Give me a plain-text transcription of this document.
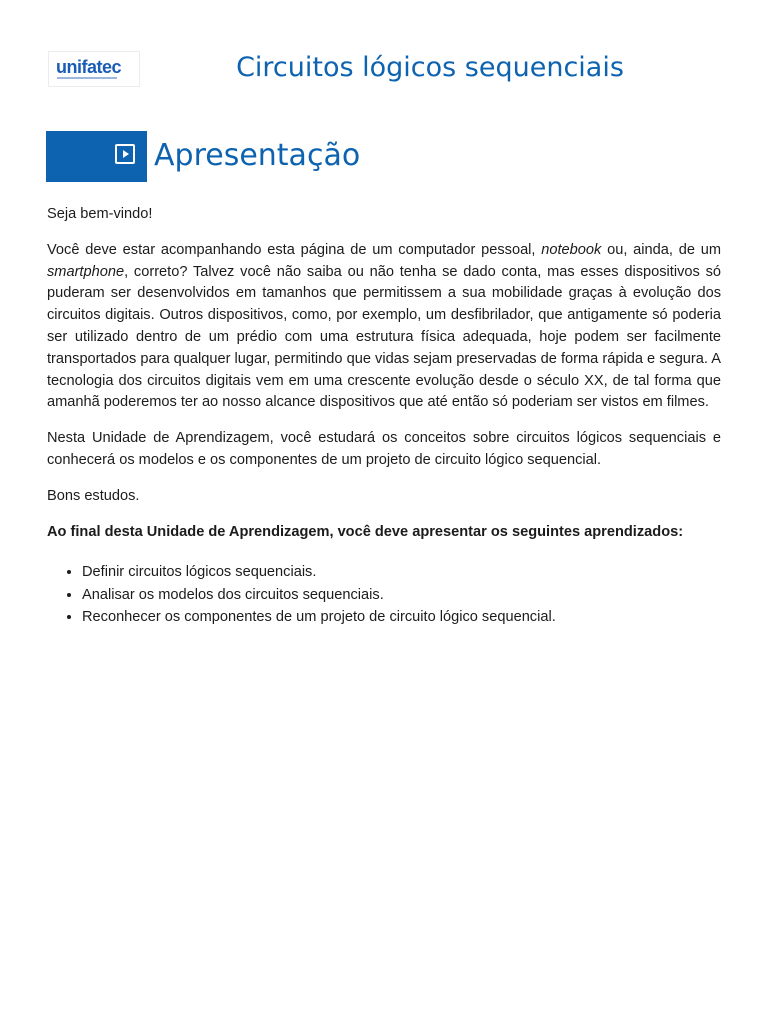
unifatec	Circuitos lógicos sequenciais
Apresentação

Seja bem-vindo!

Você deve estar acompanhando esta página de um computador pessoal, notebook ou, ainda, de um smartphone, correto? Talvez você não saiba ou não tenha se dado conta, mas esses dispositivos só puderam ser desenvolvidos em tamanhos que permitissem a sua mobilidade graças à evolução dos circuitos digitais. Outros dispositivos, como, por exemplo, um desfibrilador, que antigamente só poderia ser utilizado dentro de um prédio com uma estrutura física adequada, hoje podem ser facilmente transportados para qualquer lugar, permitindo que vidas sejam preservadas de forma rápida e segura. A tecnologia dos circuitos digitais vem em uma crescente evolução desde o século XX, de tal forma que amanhã poderemos ter ao nosso alcance dispositivos que até então só poderiam ser vistos em filmes.

Nesta Unidade de Aprendizagem, você estudará os conceitos sobre circuitos lógicos sequenciais e conhecerá os modelos e os componentes de um projeto de circuito lógico sequencial.

Bons estudos.

Ao final desta Unidade de Aprendizagem, você deve apresentar os seguintes aprendizados:

• Definir circuitos lógicos sequenciais.
• Analisar os modelos dos circuitos sequenciais.
• Reconhecer os componentes de um projeto de circuito lógico sequencial.
